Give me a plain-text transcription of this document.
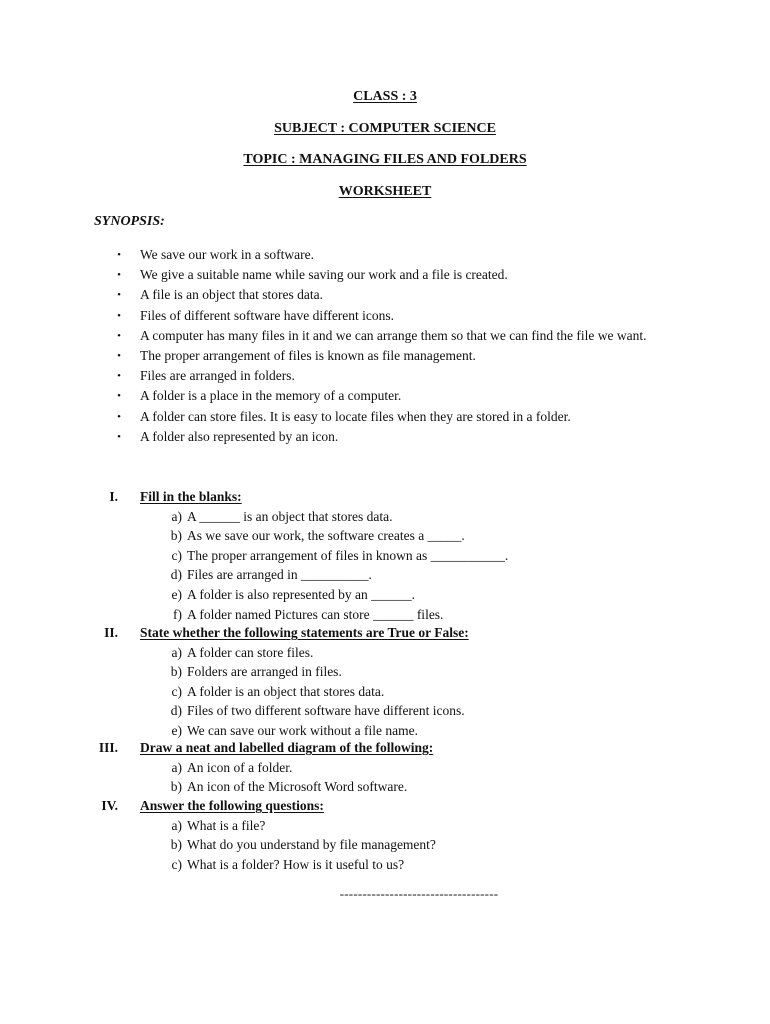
CLASS : 3
SUBJECT : COMPUTER SCIENCE
TOPIC : MANAGING FILES AND FOLDERS
WORKSHEET
SYNOPSIS:
• We save our work in a software.
• We give a suitable name while saving our work and a file is created.
• A file is an object that stores data.
• Files of different software have different icons.
• A computer has many files in it and we can arrange them so that we can find the file we want.
• The proper arrangement of files is known as file management.
• Files are arranged in folders.
• A folder is a place in the memory of a computer.
• A folder can store files. It is easy to locate files when they are stored in a folder.
• A folder also represented by an icon.
I. Fill in the blanks:
a) A ______ is an object that stores data.
b) As we save our work, the software creates a _____.
c) The proper arrangement of files in known as ___________.
d) Files are arranged in __________.
e) A folder is also represented by an ______.
f) A folder named Pictures can store ______ files.
II. State whether the following statements are True or False:
a) A folder can store files.
b) Folders are arranged in files.
c) A folder is an object that stores data.
d) Files of two different software have different icons.
e) We can save our work without a file name.
III. Draw a neat and labelled diagram of the following:
a) An icon of a folder.
b) An icon of the Microsoft Word software.
IV. Answer the following questions:
a) What is a file?
b) What do you understand by file management?
c) What is a folder? How is it useful to us?
-----------------------------------
